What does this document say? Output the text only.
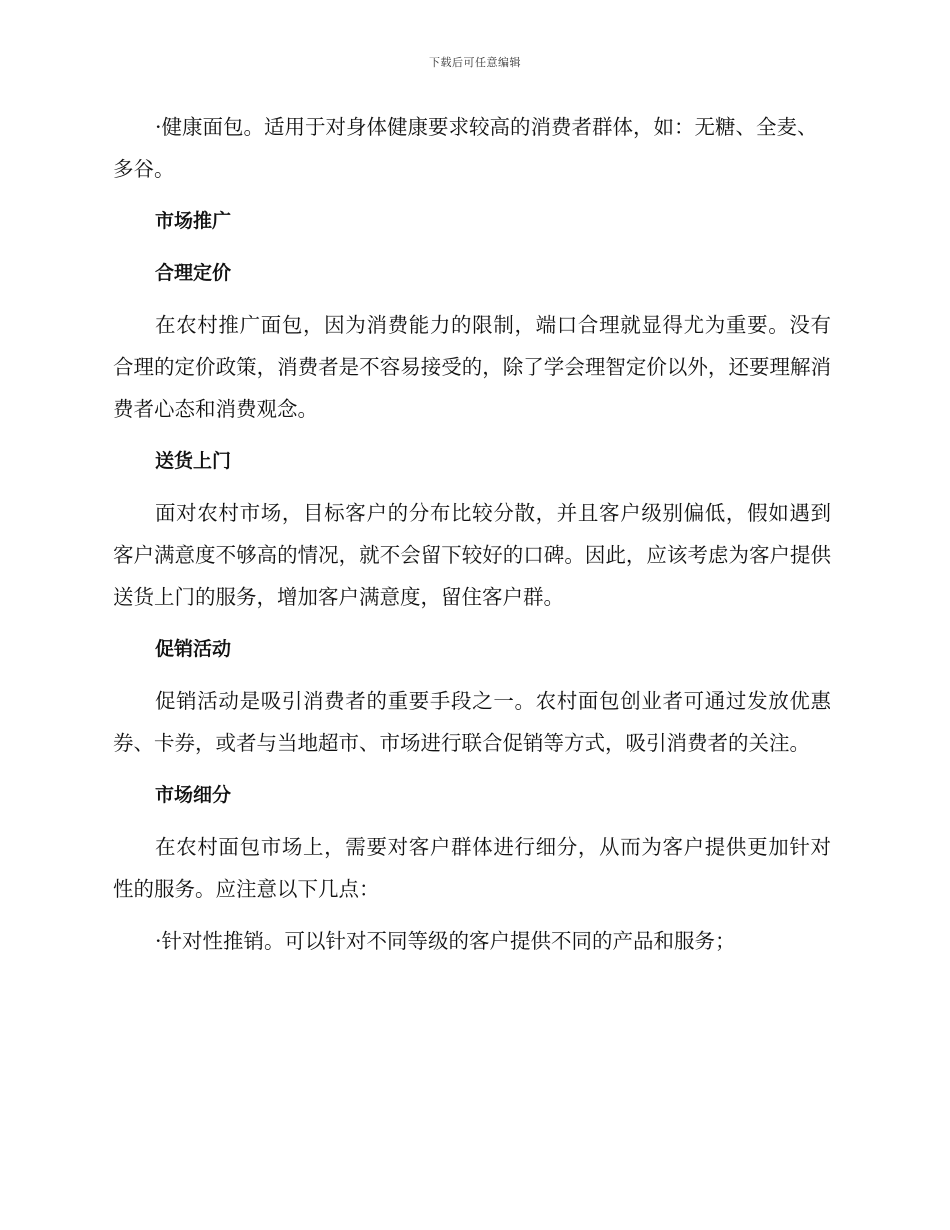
下载后可任意编辑

·健康面包。适用于对身体健康要求较高的消费者群体，如：无糖、全麦、多谷。

市场推广

合理定价

在农村推广面包，因为消费能力的限制，端口合理就显得尤为重要。没有合理的定价政策，消费者是不容易接受的，除了学会理智定价以外，还要理解消费者心态和消费观念。

送货上门

面对农村市场，目标客户的分布比较分散，并且客户级别偏低，假如遇到客户满意度不够高的情况，就不会留下较好的口碑。因此，应该考虑为客户提供送货上门的服务，增加客户满意度，留住客户群。

促销活动

促销活动是吸引消费者的重要手段之一。农村面包创业者可通过发放优惠券、卡券，或者与当地超市、市场进行联合促销等方式，吸引消费者的关注。

市场细分

在农村面包市场上，需要对客户群体进行细分，从而为客户提供更加针对性的服务。应注意以下几点：

·针对性推销。可以针对不同等级的客户提供不同的产品和服务；
